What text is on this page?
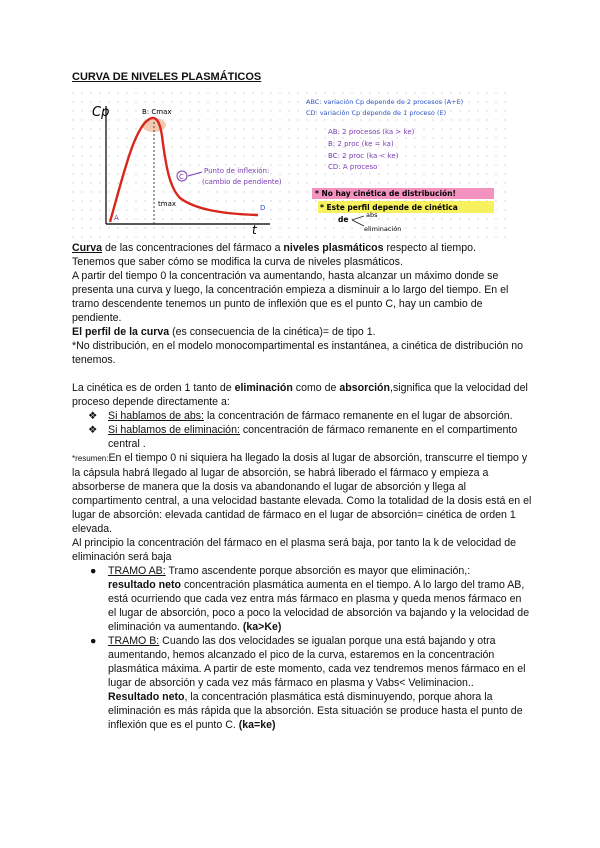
CURVA DE NIVELES PLASMÁTICOS
Cp
t
B: Cmax
tmax
A
C
D
Punto de inflexión:
(cambio de pendiente)
ABC: variación Cp depende de 2 procesos (A+E)
CD: variación Cp depende de 1 proceso (E)
AB: 2 procesos (ka > ke)
B: 2 proc (ke = ka)
BC: 2 proc (ka < ke)
CD: A proceso
* No hay cinética de distribución!
* Este perfil depende de cinética
de	abs
eliminación

Curva de las concentraciones del fármaco a niveles plasmáticos respecto al tiempo.

Tenemos que saber cómo se modifica la curva de niveles plasmáticos.

A partir del tiempo 0 la concentración va aumentando, hasta alcanzar un máximo donde se presenta una curva y luego, la concentración empieza a disminuir a lo largo del tiempo. En el tramo descendente tenemos un punto de inflexión que es el punto C, hay un cambio de pendiente.

El perfil de la curva (es consecuencia de la cinética)= de tipo 1.

*No distribución, en el modelo monocompartimental es instantánea, a cinética de distribución no tenemos.

La cinética es de orden 1 tanto de eliminación como de absorción,significa que la velocidad del proceso depende directamente a:

❖ Si hablamos de abs: la concentración de fármaco remanente en el lugar de absorción.
❖ Si hablamos de eliminación: concentración de fármaco remanente en el compartimento central .

*resumen:En el tiempo 0 ni siquiera ha llegado la dosis al lugar de absorción, transcurre el tiempo y la cápsula habrá llegado al lugar de absorción, se habrá liberado el fármaco y empieza a absorberse de manera que la dosis va abandonando el lugar de absorción y llega al compartimento central, a una velocidad bastante elevada. Como la totalidad de la dosis está en el lugar de absorción: elevada cantidad de fármaco en el lugar de absorción= cinética de orden 1 elevada.

Al principio la concentración del fármaco en el plasma será baja, por tanto la k de velocidad de eliminación será baja

● TRAMO AB: Tramo ascendente porque absorción es mayor que eliminación,:
resultado neto concentración plasmática aumenta en el tiempo. A lo largo del tramo AB, está ocurriendo que cada vez entra más fármaco en plasma y queda menos fármaco en el lugar de absorción, poco a poco la velocidad de absorción va bajando y la velocidad de eliminación va aumentando. (ka>Ke)
● TRAMO B: Cuando las dos velocidades se igualan porque una está bajando y otra aumentando, hemos alcanzado el pico de la curva, estaremos en la concentración plasmática máxima. A partir de este momento, cada vez tendremos menos fármaco en el lugar de absorción y cada vez más fármaco en plasma y Vabs< Veliminacion..
Resultado neto, la concentración plasmática está disminuyendo, porque ahora la eliminación es más rápida que la absorción. Esta situación se produce hasta el punto de inflexión que es el punto C. (ka=ke)
